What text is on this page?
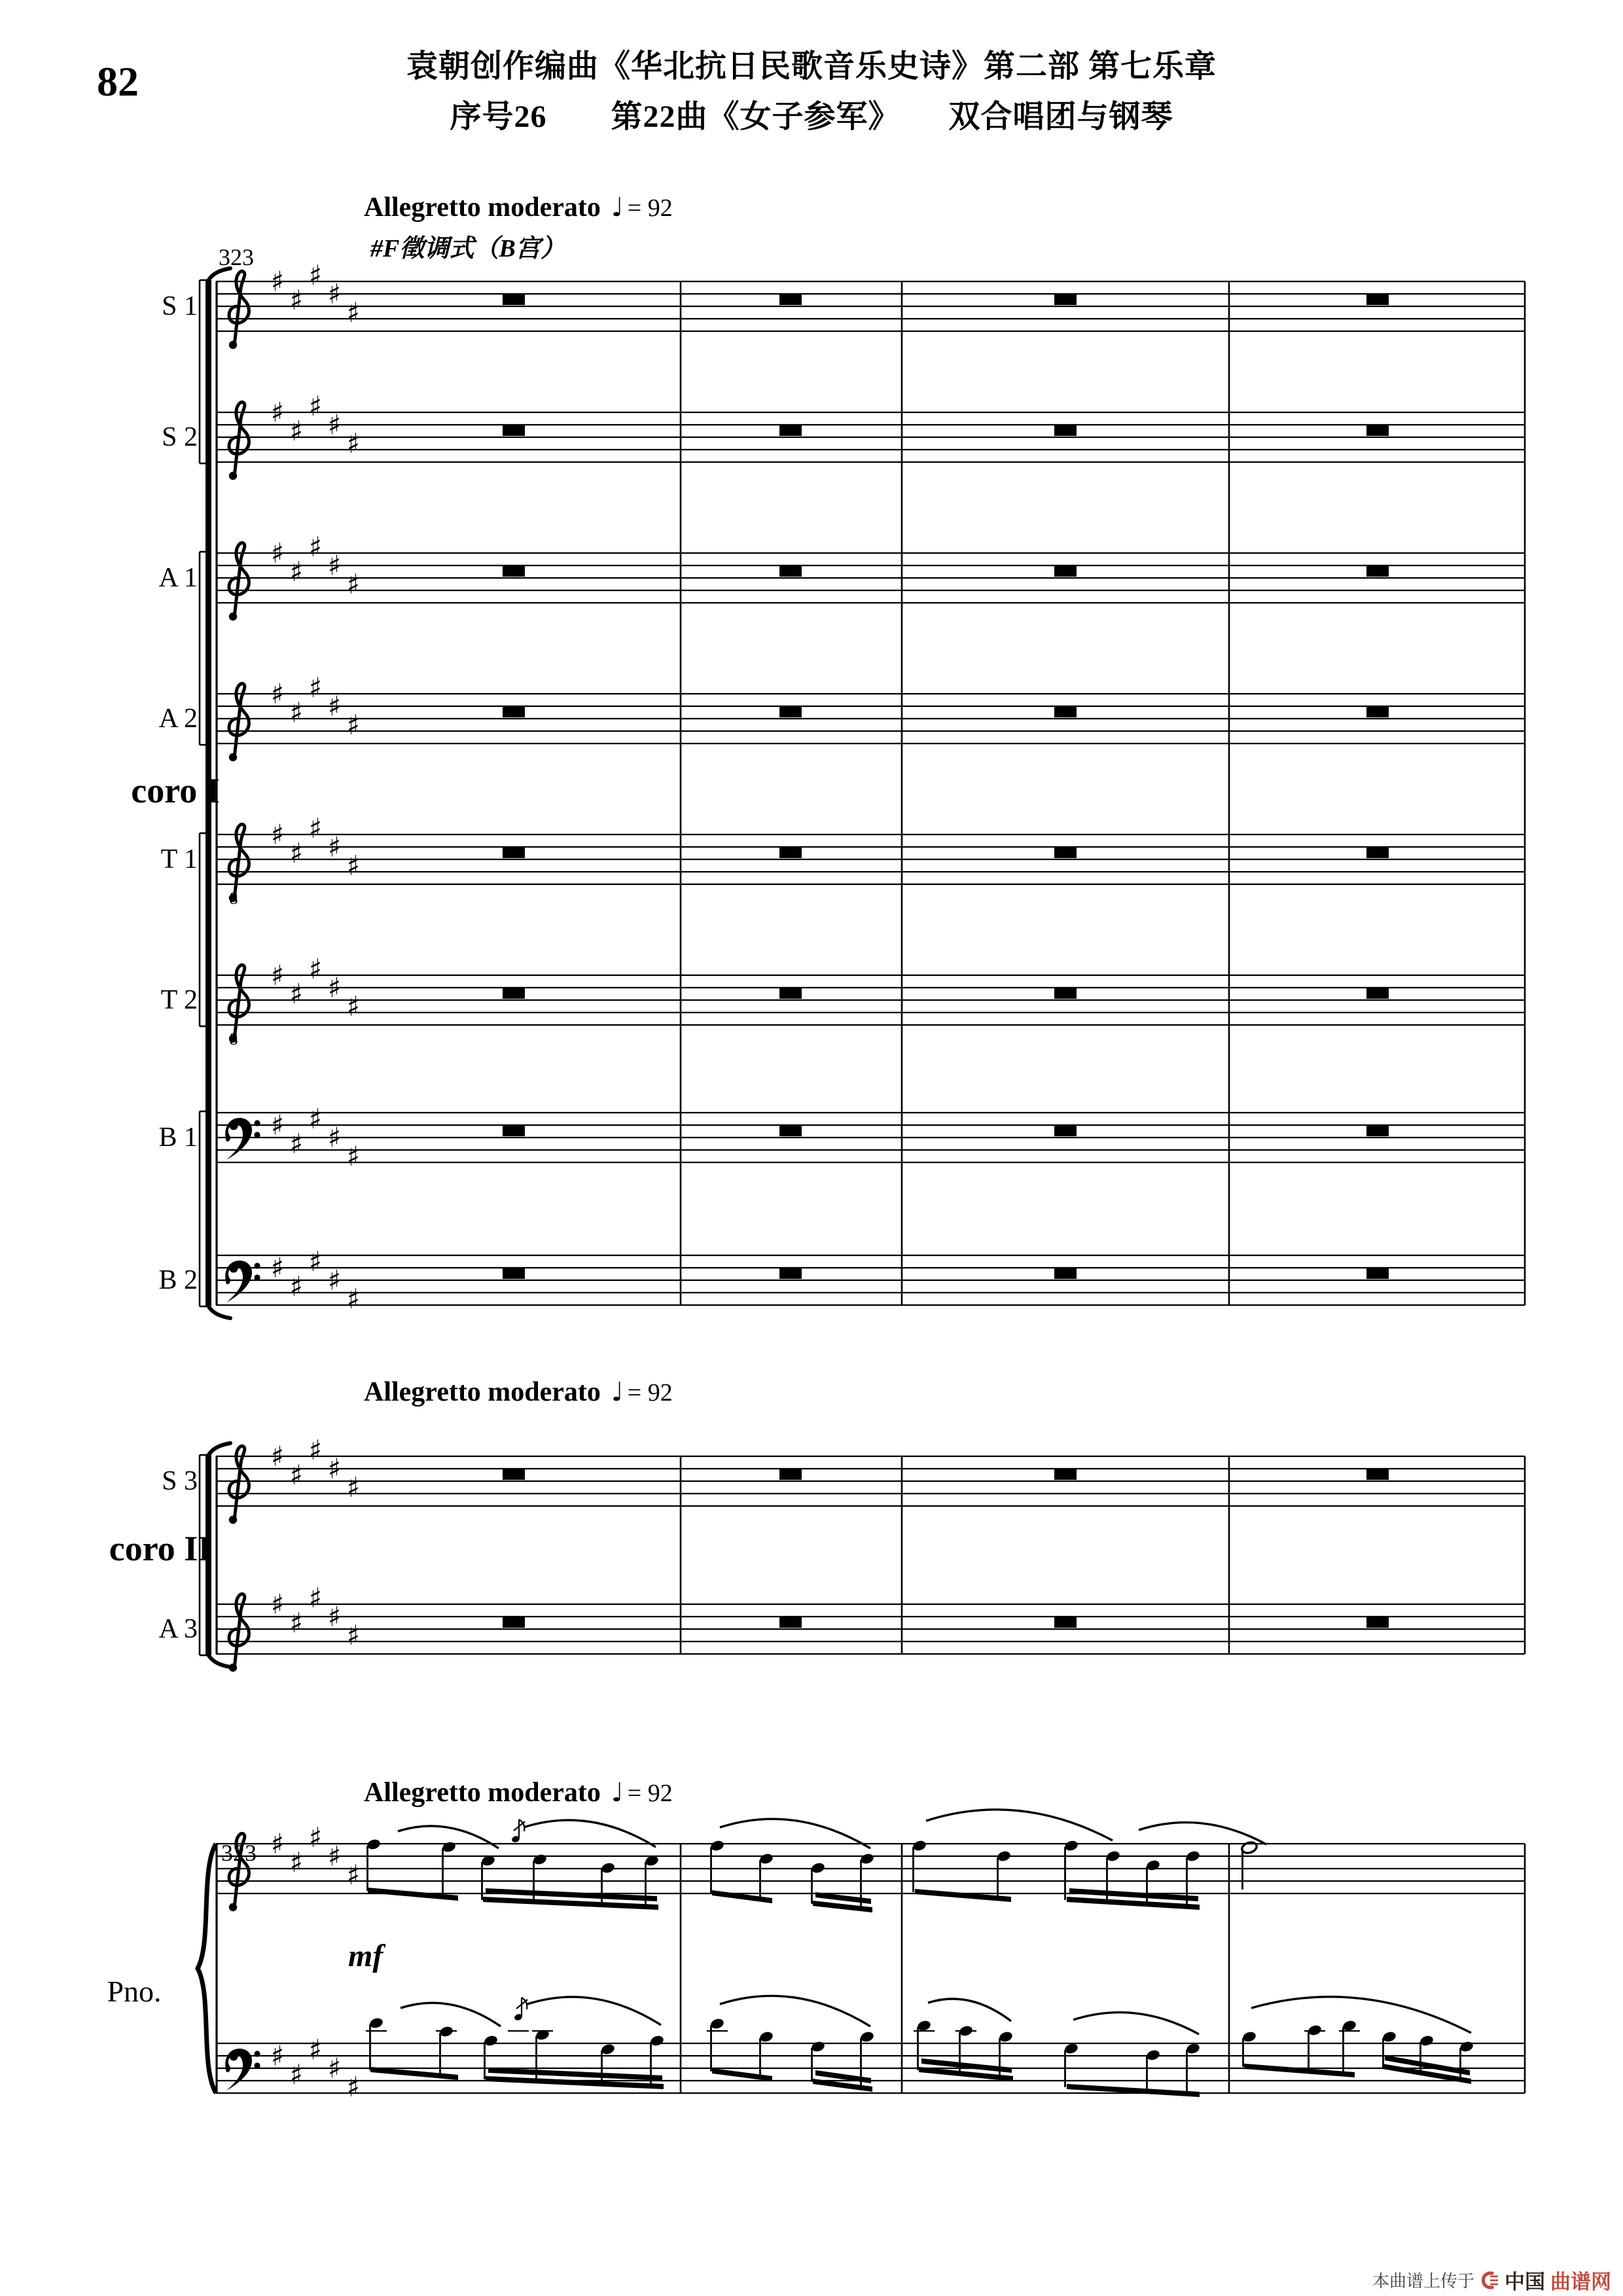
82	袁朝创作编曲《华北抗日民歌音乐史诗》第二部 第七乐章
序号26　　第22曲《女子参军》　　双合唱团与钢琴
♯
♯
♯
♯
♯
S 1
♯
♯
♯
♯
♯
S 2
♯
♯
♯
♯
♯
A 1
♯
♯
♯
♯
♯
A 2
8
♯
♯
♯
♯
♯
T 1
8
♯
♯
♯
♯
♯
T 2
♯
♯
♯
♯
♯
B 1
♯
♯
♯
♯
♯
B 2
coro I
Allegretto moderato ♩ = 92
#F徵调式（B宫）
323
♯
♯
♯
♯
♯
S 3
♯
♯
♯
♯
♯
A 3
coro II
Allegretto moderato ♩ = 92
♯
♯
♯
♯
♯
♯
♯
♯
♯
♯
Pno.
Allegretto moderato ♩ = 92
323
mf
本曲谱上传于 中国 曲谱网
